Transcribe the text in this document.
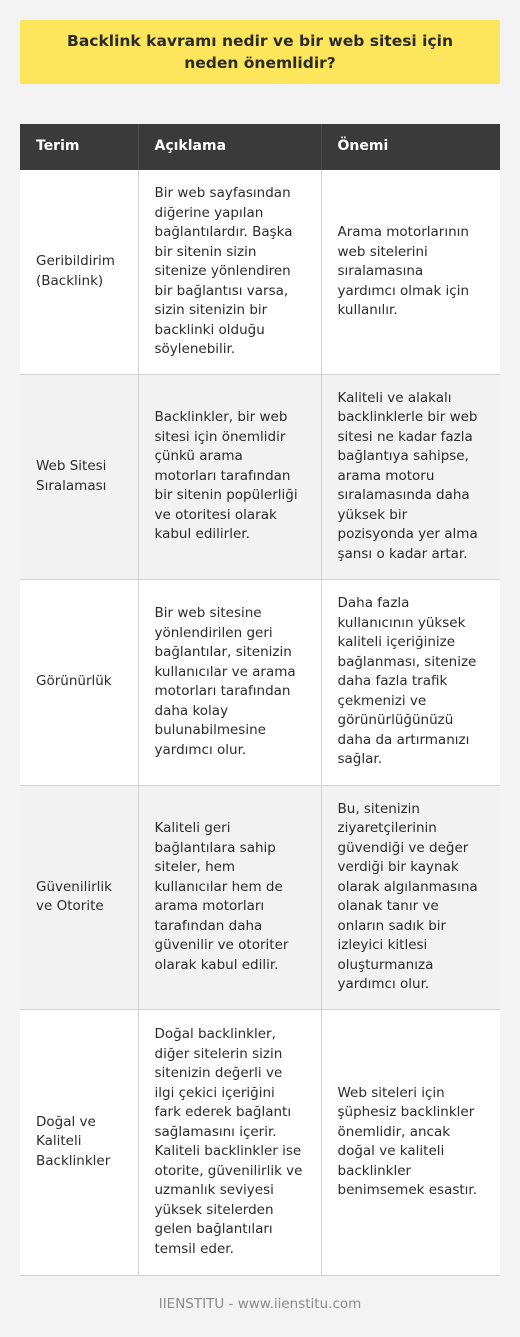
Backlink kavramı nedir ve bir web sitesi için neden önemlidir?
Terim	Açıklama	Önemi
Geribildirim (Backlink)	Bir web sayfasından diğerine yapılan bağlantılardır. Başka bir sitenin sizin sitenize yönlendiren bir bağlantısı varsa, sizin sitenizin bir backlinki olduğu söylenebilir.	Arama motorlarının web sitelerini sıralamasına yardımcı olmak için kullanılır.
Web Sitesi Sıralaması	Backlinkler, bir web sitesi için önemlidir çünkü arama motorları tarafından bir sitenin popülerliği ve otoritesi olarak kabul edilirler.	Kaliteli ve alakalı backlinklerle bir web sitesi ne kadar fazla bağlantıya sahipse, arama motoru sıralamasında daha yüksek bir pozisyonda yer alma şansı o kadar artar.
Görünürlük	Bir web sitesine yönlendirilen geri bağlantılar, sitenizin kullanıcılar ve arama motorları tarafından daha kolay bulunabilmesine yardımcı olur.	Daha fazla kullanıcının yüksek kaliteli içeriğinize bağlanması, sitenize daha fazla trafik çekmenizi ve görünürlüğünüzü daha da artırmanızı sağlar.
Güvenilirlik ve Otorite	Kaliteli geri bağlantılara sahip siteler, hem kullanıcılar hem de arama motorları tarafından daha güvenilir ve otoriter olarak kabul edilir.	Bu, sitenizin ziyaretçilerinin güvendiği ve değer verdiği bir kaynak olarak algılanmasına olanak tanır ve onların sadık bir izleyici kitlesi oluşturmanıza yardımcı olur.
Doğal ve Kaliteli Backlinkler	Doğal backlinkler, diğer sitelerin sizin sitenizin değerli ve ilgi çekici içeriğini fark ederek bağlantı sağlamasını içerir. Kaliteli backlinkler ise otorite, güvenilirlik ve uzmanlık seviyesi yüksek sitelerden gelen bağlantıları temsil eder.	Web siteleri için şüphesiz backlinkler önemlidir, ancak doğal ve kaliteli backlinkler benimsemek esastır.
IIENSTITU - www.iienstitu.com
